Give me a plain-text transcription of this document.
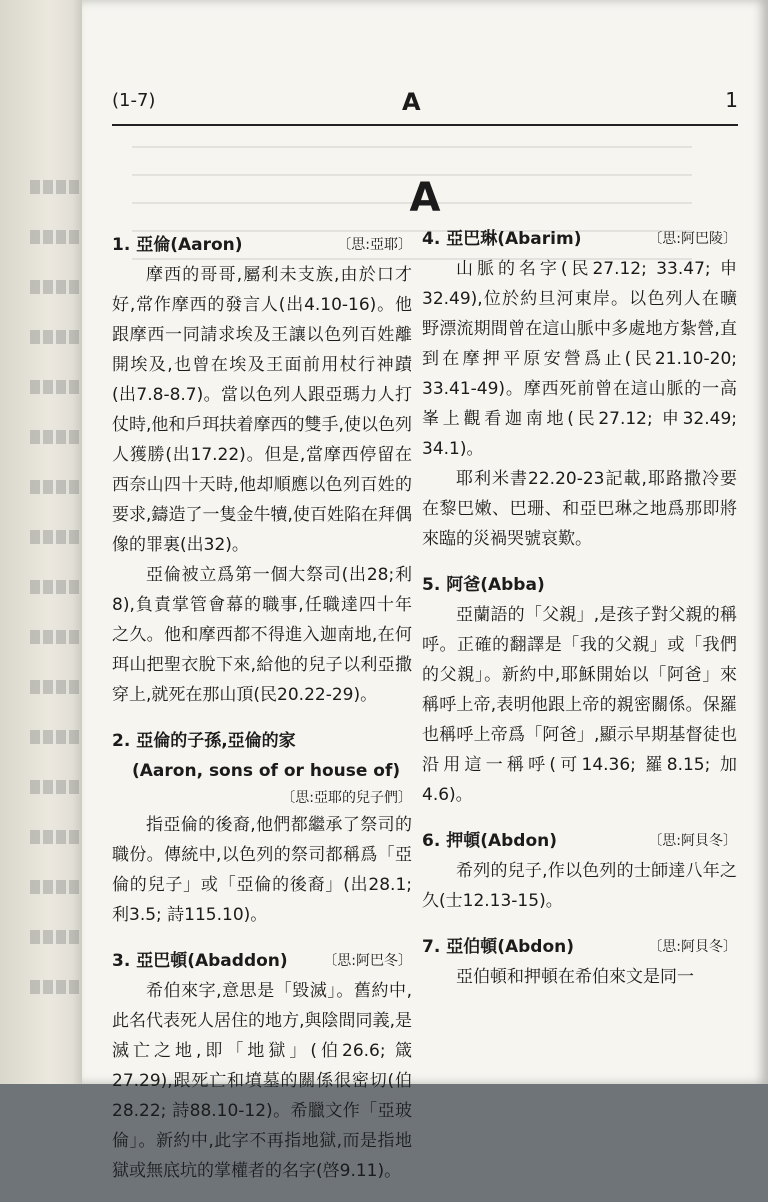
(1-7)	A	1
A
1. 亞倫(Aaron)	〔思:亞耶〕
摩西的哥哥,屬利未支族,由於口才好,常作摩西的發言人(出4.10-16)。他跟摩西一同請求埃及王讓以色列百姓離開埃及,也曾在埃及王面前用杖行神蹟(出7.8-8.7)。當以色列人跟亞瑪力人打仗時,他和戶珥扶着摩西的雙手,使以色列人獲勝(出17.22)。但是,當摩西停留在西奈山四十天時,他却順應以色列百姓的要求,鑄造了一隻金牛犢,使百姓陷在拜偶像的罪裏(出32)。
亞倫被立爲第一個大祭司(出28;利8),負責掌管會幕的職事,任職達四十年之久。他和摩西都不得進入迦南地,在何珥山把聖衣脫下來,給他的兒子以利亞撒穿上,就死在那山頂(民20.22-29)。
2. 亞倫的子孫,亞倫的家
(Aaron, sons of or house of)
〔思:亞耶的兒子們〕
指亞倫的後裔,他們都繼承了祭司的職份。傳統中,以色列的祭司都稱爲「亞倫的兒子」或「亞倫的後裔」(出28.1; 利3.5; 詩115.10)。
3. 亞巴頓(Abaddon)	〔思:阿巴冬〕
希伯來字,意思是「毀滅」。舊約中,此名代表死人居住的地方,與陰間同義,是滅亡之地,即「地獄」(伯26.6; 箴27.29),跟死亡和墳墓的關係很密切(伯28.22; 詩88.10-12)。希臘文作「亞玻倫」。新約中,此字不再指地獄,而是指地獄或無底坑的掌權者的名字(啓9.11)。
4. 亞巴琳(Abarim)	〔思:阿巴陵〕
山脈的名字(民27.12; 33.47; 申32.49),位於約旦河東岸。以色列人在曠野漂流期間曾在這山脈中多處地方紮營,直到在摩押平原安營爲止(民21.10-20; 33.41-49)。摩西死前曾在這山脈的一高峯上觀看迦南地(民27.12; 申32.49; 34.1)。
耶利米書22.20-23記載,耶路撒冷要在黎巴嫩、巴珊、和亞巴琳之地爲那即將來臨的災禍哭號哀歎。
5. 阿爸(Abba)
亞蘭語的「父親」,是孩子對父親的稱呼。正確的翻譯是「我的父親」或「我們的父親」。新約中,耶穌開始以「阿爸」來稱呼上帝,表明他跟上帝的親密關係。保羅也稱呼上帝爲「阿爸」,顯示早期基督徒也沿用這一稱呼(可14.36; 羅8.15; 加4.6)。
6. 押頓(Abdon)	〔思:阿貝冬〕
希列的兒子,作以色列的士師達八年之久(士12.13-15)。
7. 亞伯頓(Abdon)	〔思:阿貝冬〕
亞伯頓和押頓在希伯來文是同一
